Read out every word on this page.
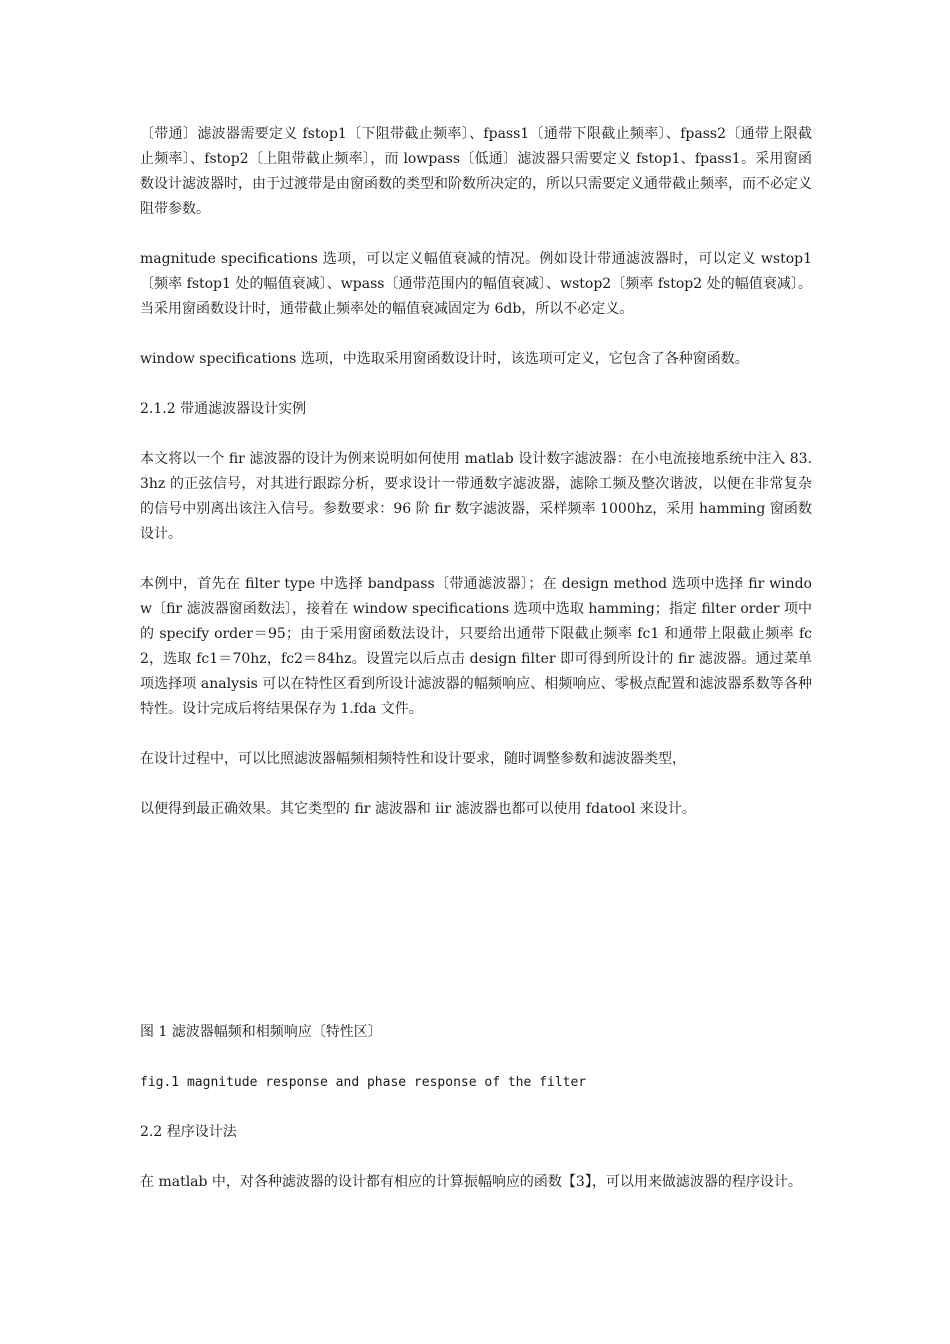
〔带通〕滤波器需要定义 fstop1〔下阻带截止频率〕、fpass1〔通带下限截止频率〕、fpass2〔通带上限截止频率〕、fstop2〔上阻带截止频率〕，而 lowpass〔低通〕滤波器只需要定义 fstop1、fpass1。采用窗函数设计滤波器时，由于过渡带是由窗函数的类型和阶数所决定的，所以只需要定义通带截止频率，而不必定义阻带参数。

magnitude specifications 选项，可以定义幅值衰减的情况。例如设计带通滤波器时，可以定义 wstop1〔频率 fstop1 处的幅值衰减〕、wpass〔通带范围内的幅值衰减〕、wstop2〔频率 fstop2 处的幅值衰减〕。当采用窗函数设计时，通带截止频率处的幅值衰减固定为 6db，所以不必定义。

window specifications 选项，中选取采用窗函数设计时，该选项可定义，它包含了各种窗函数。

2.1.2 带通滤波器设计实例

本文将以一个 fir 滤波器的设计为例来说明如何使用 matlab 设计数字滤波器：在小电流接地系统中注入 83.3hz 的正弦信号，对其进行跟踪分析，要求设计一带通数字滤波器，滤除工频及整次谐波，以便在非常复杂的信号中别离出该注入信号。参数要求：96 阶 fir 数字滤波器，采样频率 1000hz，采用 hamming 窗函数设计。

本例中，首先在 filter type 中选择 bandpass〔带通滤波器〕；在 design method 选项中选择 fir window〔fir 滤波器窗函数法〕，接着在 window specifications 选项中选取 hamming；指定 filter order 项中的 specify order＝95；由于采用窗函数法设计，只要给出通带下限截止频率 fc1 和通带上限截止频率 fc2，选取 fc1＝70hz，fc2＝84hz。设置完以后点击 design filter 即可得到所设计的 fir 滤波器。通过菜单项选择项 analysis 可以在特性区看到所设计滤波器的幅频响应、相频响应、零极点配置和滤波器系数等各种特性。设计完成后将结果保存为 1.fda 文件。

在设计过程中，可以比照滤波器幅频相频特性和设计要求，随时调整参数和滤波器类型，

以便得到最正确效果。其它类型的 fir 滤波器和 iir 滤波器也都可以使用 fdatool 来设计。

图 1 滤波器幅频和相频响应〔特性区〕

fig.1 magnitude response and phase response of the filter

2.2 程序设计法

在 matlab 中，对各种滤波器的设计都有相应的计算振幅响应的函数【3】，可以用来做滤波器的程序设计。
